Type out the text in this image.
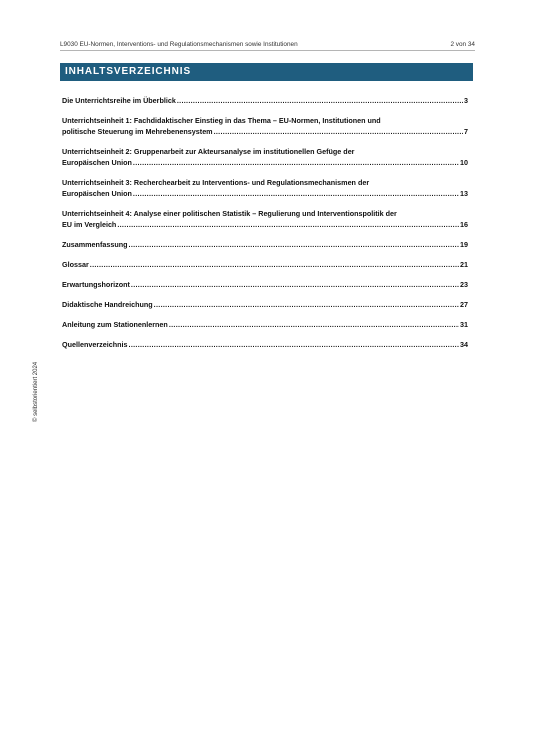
L9030 EU-Normen, Interventions- und Regulationsmechanismen sowie Institutionen	2 von 34
INHALTSVERZEICHNIS
Die Unterrichtsreihe im Überblick .....	3
Unterrichtseinheit 1: Fachdidaktischer Einstieg in das Thema – EU-Normen, Institutionen und
politische Steuerung im Mehrebenensystem .....	7
Unterrichtseinheit 2: Gruppenarbeit zur Akteursanalyse im institutionellen Gefüge der
Europäischen Union .....	10
Unterrichtseinheit 3: Recherchearbeit zu Interventions- und Regulationsmechanismen der
Europäischen Union .....	13
Unterrichtseinheit 4: Analyse einer politischen Statistik – Regulierung und Interventionspolitik der
EU im Vergleich .....	16
Zusammenfassung .....	19
Glossar .....	21
Erwartungshorizont .....	23
Didaktische Handreichung .....	27
Anleitung zum Stationenlernen .....	31
Quellenverzeichnis .....	34
© selbstorientiert 2024
